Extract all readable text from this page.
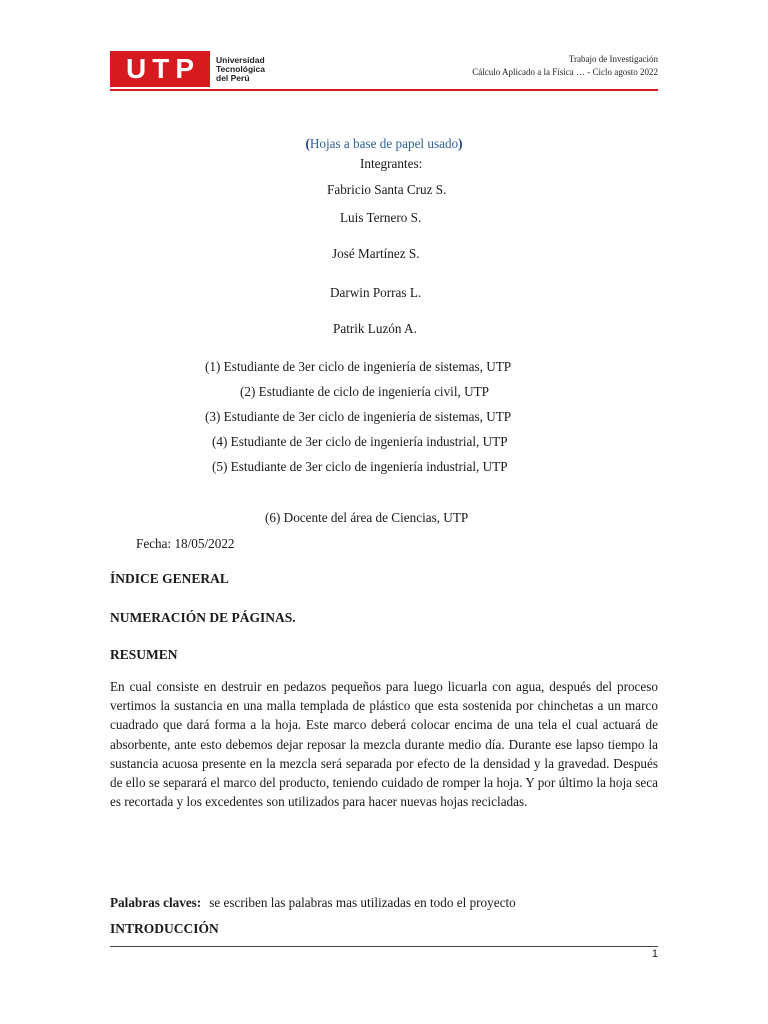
UTP	Universidad
Tecnológica
del Perú
Trabajo de Investigación
Cálculo Aplicado a la Física … - Ciclo agosto 2022
(Hojas a base de papel usado)
Integrantes:
Fabricio Santa Cruz S.
Luis Ternero S.
José Martínez S.
Darwin Porras L.
Patrik Luzón A.
(1) Estudiante de 3er ciclo de ingeniería de sistemas, UTP
(2) Estudiante de ciclo de ingeniería civil, UTP
(3) Estudiante de 3er ciclo de ingeniería de sistemas, UTP
(4) Estudiante de 3er ciclo de ingeniería industrial, UTP
(5) Estudiante de 3er ciclo de ingeniería industrial, UTP
(6) Docente del área de Ciencias, UTP
Fecha: 18/05/2022
ÍNDICE GENERAL
NUMERACIÓN DE PÁGINAS.
RESUMEN
En cual consiste en destruir en pedazos pequeños para luego licuarla con agua, después del proceso vertimos la sustancia en una malla templada de plástico que esta sostenida por chinchetas a un marco cuadrado que dará forma a la hoja. Este marco deberá colocar encima de una tela el cual actuará de absorbente, ante esto debemos dejar reposar la mezcla durante medio día. Durante ese lapso tiempo la sustancia acuosa presente en la mezcla será separada por efecto de la densidad y la gravedad. Después de ello se separará el marco del producto, teniendo cuidado de romper la hoja. Y por último la hoja seca es recortada y los excedentes son utilizados para hacer nuevas hojas recicladas.
Palabras claves: se escriben las palabras mas utilizadas en todo el proyecto
INTRODUCCIÓN
1
